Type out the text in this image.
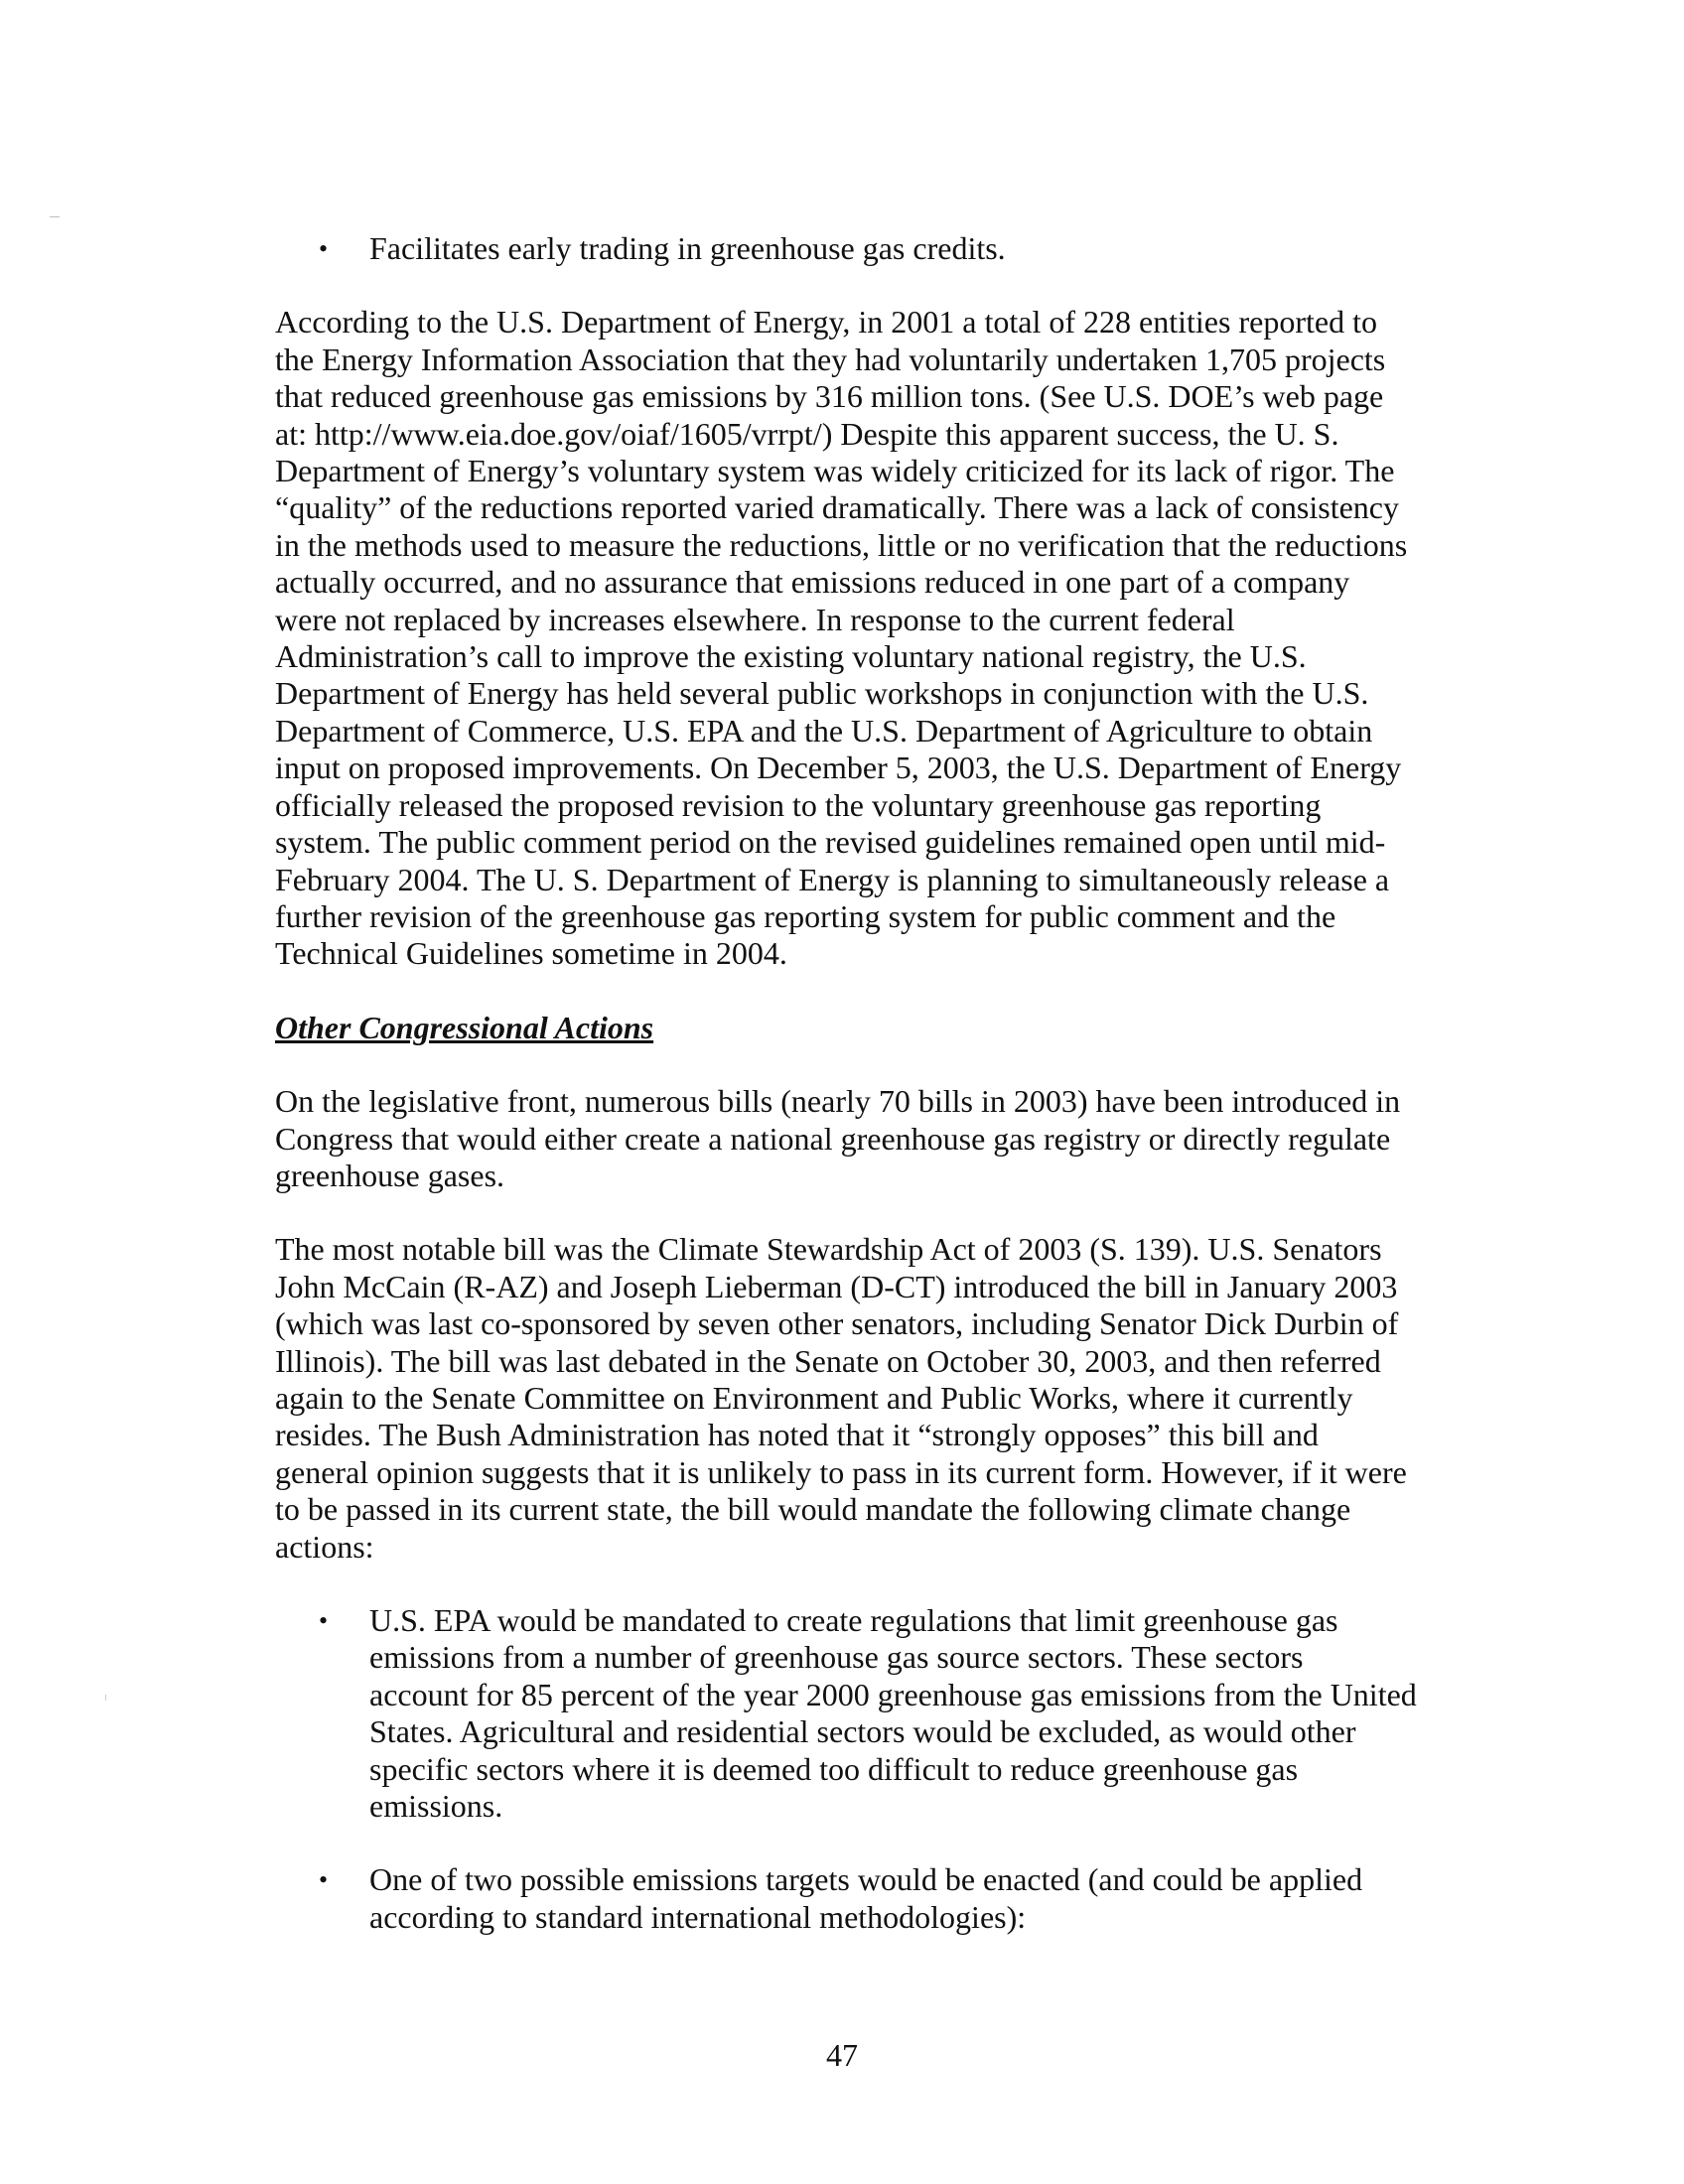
•	Facilitates early trading in greenhouse gas credits.

According to the U.S. Department of Energy, in 2001 a total of 228 entities reported to
the Energy Information Association that they had voluntarily undertaken 1,705 projects
that reduced greenhouse gas emissions by 316 million tons. (See U.S. DOE’s web page
at: http://www.eia.doe.gov/oiaf/1605/vrrpt/) Despite this apparent success, the U. S.
Department of Energy’s voluntary system was widely criticized for its lack of rigor. The
“quality” of the reductions reported varied dramatically. There was a lack of consistency
in the methods used to measure the reductions, little or no verification that the reductions
actually occurred, and no assurance that emissions reduced in one part of a company
were not replaced by increases elsewhere. In response to the current federal
Administration’s call to improve the existing voluntary national registry, the U.S.
Department of Energy has held several public workshops in conjunction with the U.S.
Department of Commerce, U.S. EPA and the U.S. Department of Agriculture to obtain
input on proposed improvements. On December 5, 2003, the U.S. Department of Energy
officially released the proposed revision to the voluntary greenhouse gas reporting
system. The public comment period on the revised guidelines remained open until mid-
February 2004. The U. S. Department of Energy is planning to simultaneously release a
further revision of the greenhouse gas reporting system for public comment and the
Technical Guidelines sometime in 2004.

Other Congressional Actions

On the legislative front, numerous bills (nearly 70 bills in 2003) have been introduced in
Congress that would either create a national greenhouse gas registry or directly regulate
greenhouse gases.

The most notable bill was the Climate Stewardship Act of 2003 (S. 139). U.S. Senators
John McCain (R-AZ) and Joseph Lieberman (D-CT) introduced the bill in January 2003
(which was last co-sponsored by seven other senators, including Senator Dick Durbin of
Illinois). The bill was last debated in the Senate on October 30, 2003, and then referred
again to the Senate Committee on Environment and Public Works, where it currently
resides. The Bush Administration has noted that it “strongly opposes” this bill and
general opinion suggests that it is unlikely to pass in its current form. However, if it were
to be passed in its current state, the bill would mandate the following climate change
actions:

•	U.S. EPA would be mandated to create regulations that limit greenhouse gas
emissions from a number of greenhouse gas source sectors. These sectors
account for 85 percent of the year 2000 greenhouse gas emissions from the United
States. Agricultural and residential sectors would be excluded, as would other
specific sectors where it is deemed too difficult to reduce greenhouse gas
emissions.
•	One of two possible emissions targets would be enacted (and could be applied
according to standard international methodologies):
47
